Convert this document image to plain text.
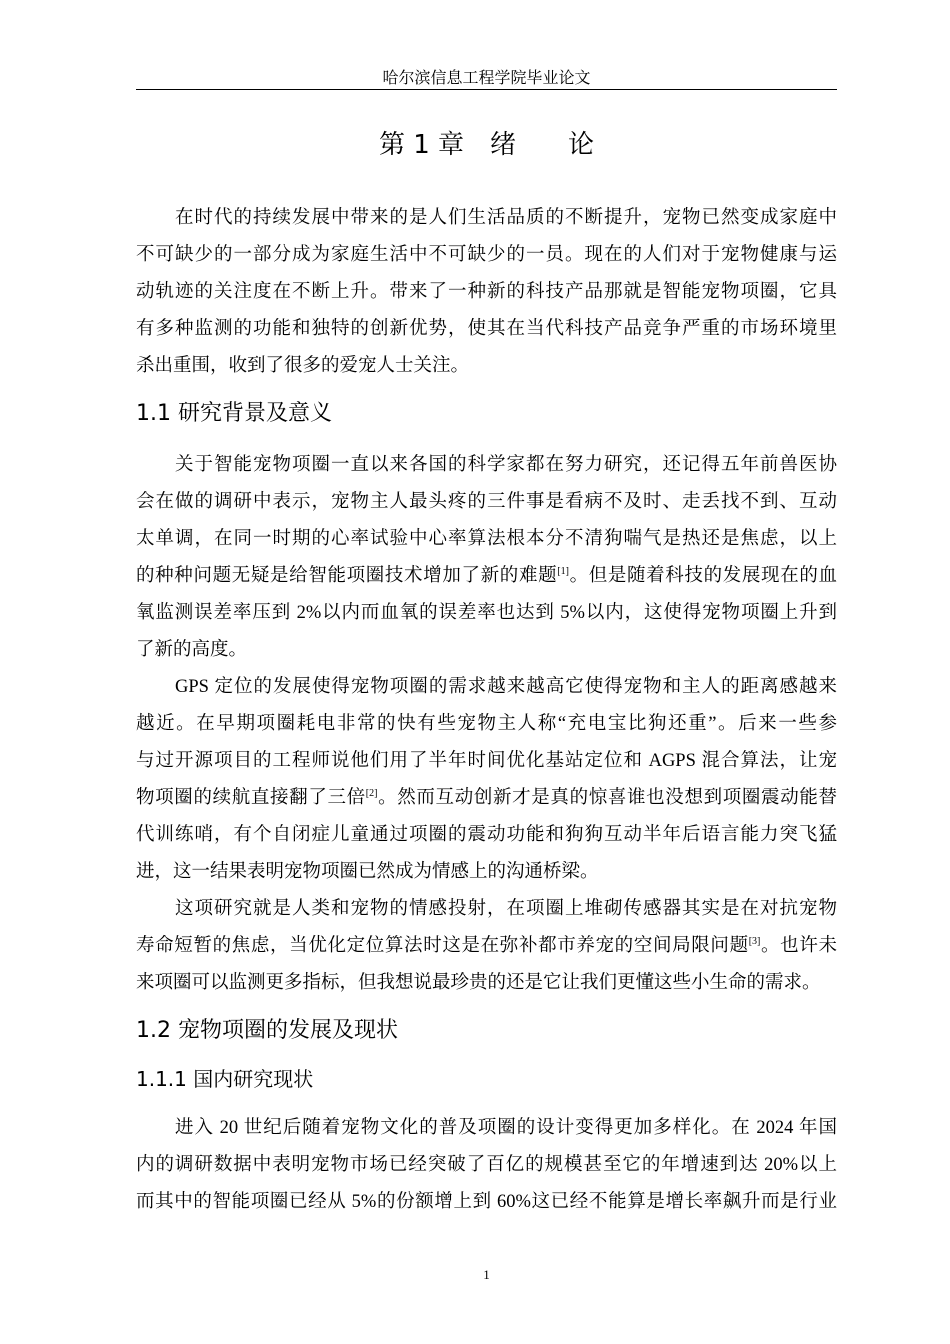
哈尔滨信息工程学院毕业论文
第 1 章 绪 论
在时代的持续发展中带来的是人们生活品质的不断提升，宠物已然变成家庭中
不可缺少的一部分成为家庭生活中不可缺少的一员。现在的人们对于宠物健康与运
动轨迹的关注度在不断上升。带来了一种新的科技产品那就是智能宠物项圈，它具
有多种监测的功能和独特的创新优势，使其在当代科技产品竞争严重的市场环境里
杀出重围，收到了很多的爱宠人士关注。
1.1 研究背景及意义
关于智能宠物项圈一直以来各国的科学家都在努力研究，还记得五年前兽医协
会在做的调研中表示，宠物主人最头疼的三件事是看病不及时、走丢找不到、互动
太单调，在同一时期的心率试验中心率算法根本分不清狗喘气是热还是焦虑，以上
的种种问题无疑是给智能项圈技术增加了新的难题[1]。但是随着科技的发展现在的血
氧监测误差率压到 2%以内而血氧的误差率也达到 5%以内，这使得宠物项圈上升到
了新的高度。
GPS 定位的发展使得宠物项圈的需求越来越高它使得宠物和主人的距离感越来
越近。在早期项圈耗电非常的快有些宠物主人称“充电宝比狗还重”。后来一些参
与过开源项目的工程师说他们用了半年时间优化基站定位和 AGPS 混合算法，让宠
物项圈的续航直接翻了三倍[2]。然而互动创新才是真的惊喜谁也没想到项圈震动能替
代训练哨，有个自闭症儿童通过项圈的震动功能和狗狗互动半年后语言能力突飞猛
进，这一结果表明宠物项圈已然成为情感上的沟通桥梁。
这项研究就是人类和宠物的情感投射，在项圈上堆砌传感器其实是在对抗宠物
寿命短暂的焦虑，当优化定位算法时这是在弥补都市养宠的空间局限问题[3]。也许未
来项圈可以监测更多指标，但我想说最珍贵的还是它让我们更懂这些小生命的需求。
1.2 宠物项圈的发展及现状
1.1.1 国内研究现状
进入 20 世纪后随着宠物文化的普及项圈的设计变得更加多样化。在 2024 年国
内的调研数据中表明宠物市场已经突破了百亿的规模甚至它的年增速到达 20%以上
而其中的智能项圈已经从 5%的份额增上到 60%这已经不能算是增长率飙升而是行业
1
